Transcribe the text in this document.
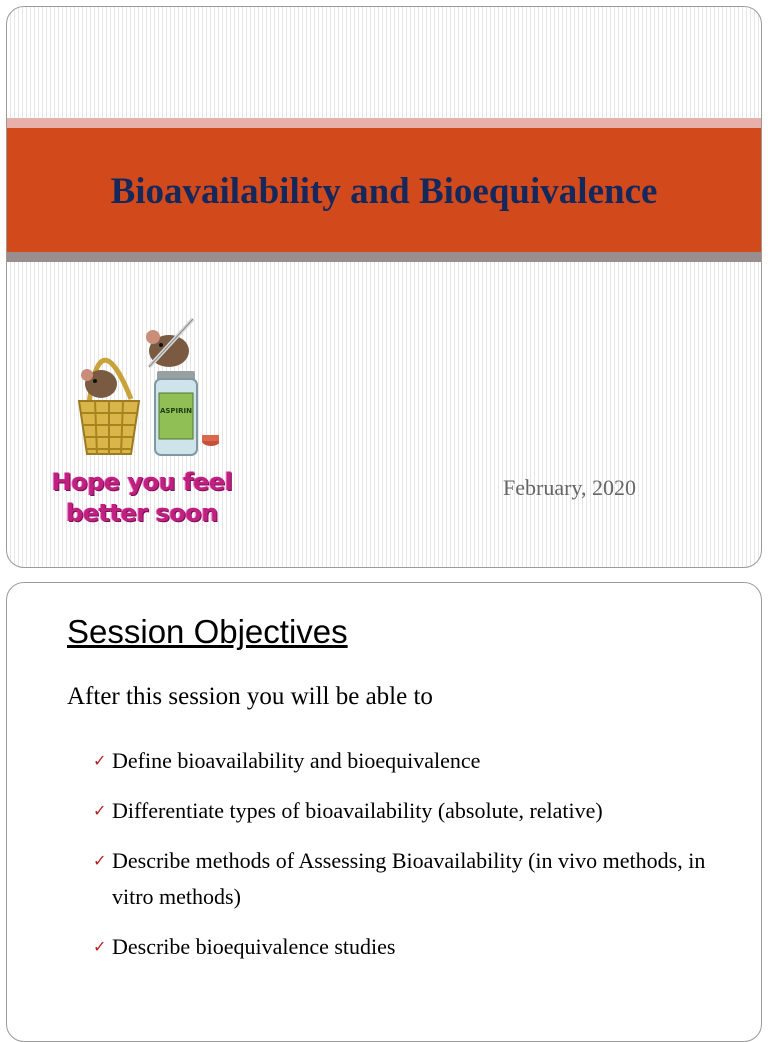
Bioavailability and Bioequivalence
ASPIRIN
Hope you feel
better soon
February, 2020
Session Objectives
After this session you will be able to
✓ Define bioavailability and bioequivalence
✓ Differentiate types of bioavailability (absolute, relative)
✓ Describe methods of Assessing Bioavailability (in vivo methods, in vitro methods)
✓ Describe bioequivalence studies
